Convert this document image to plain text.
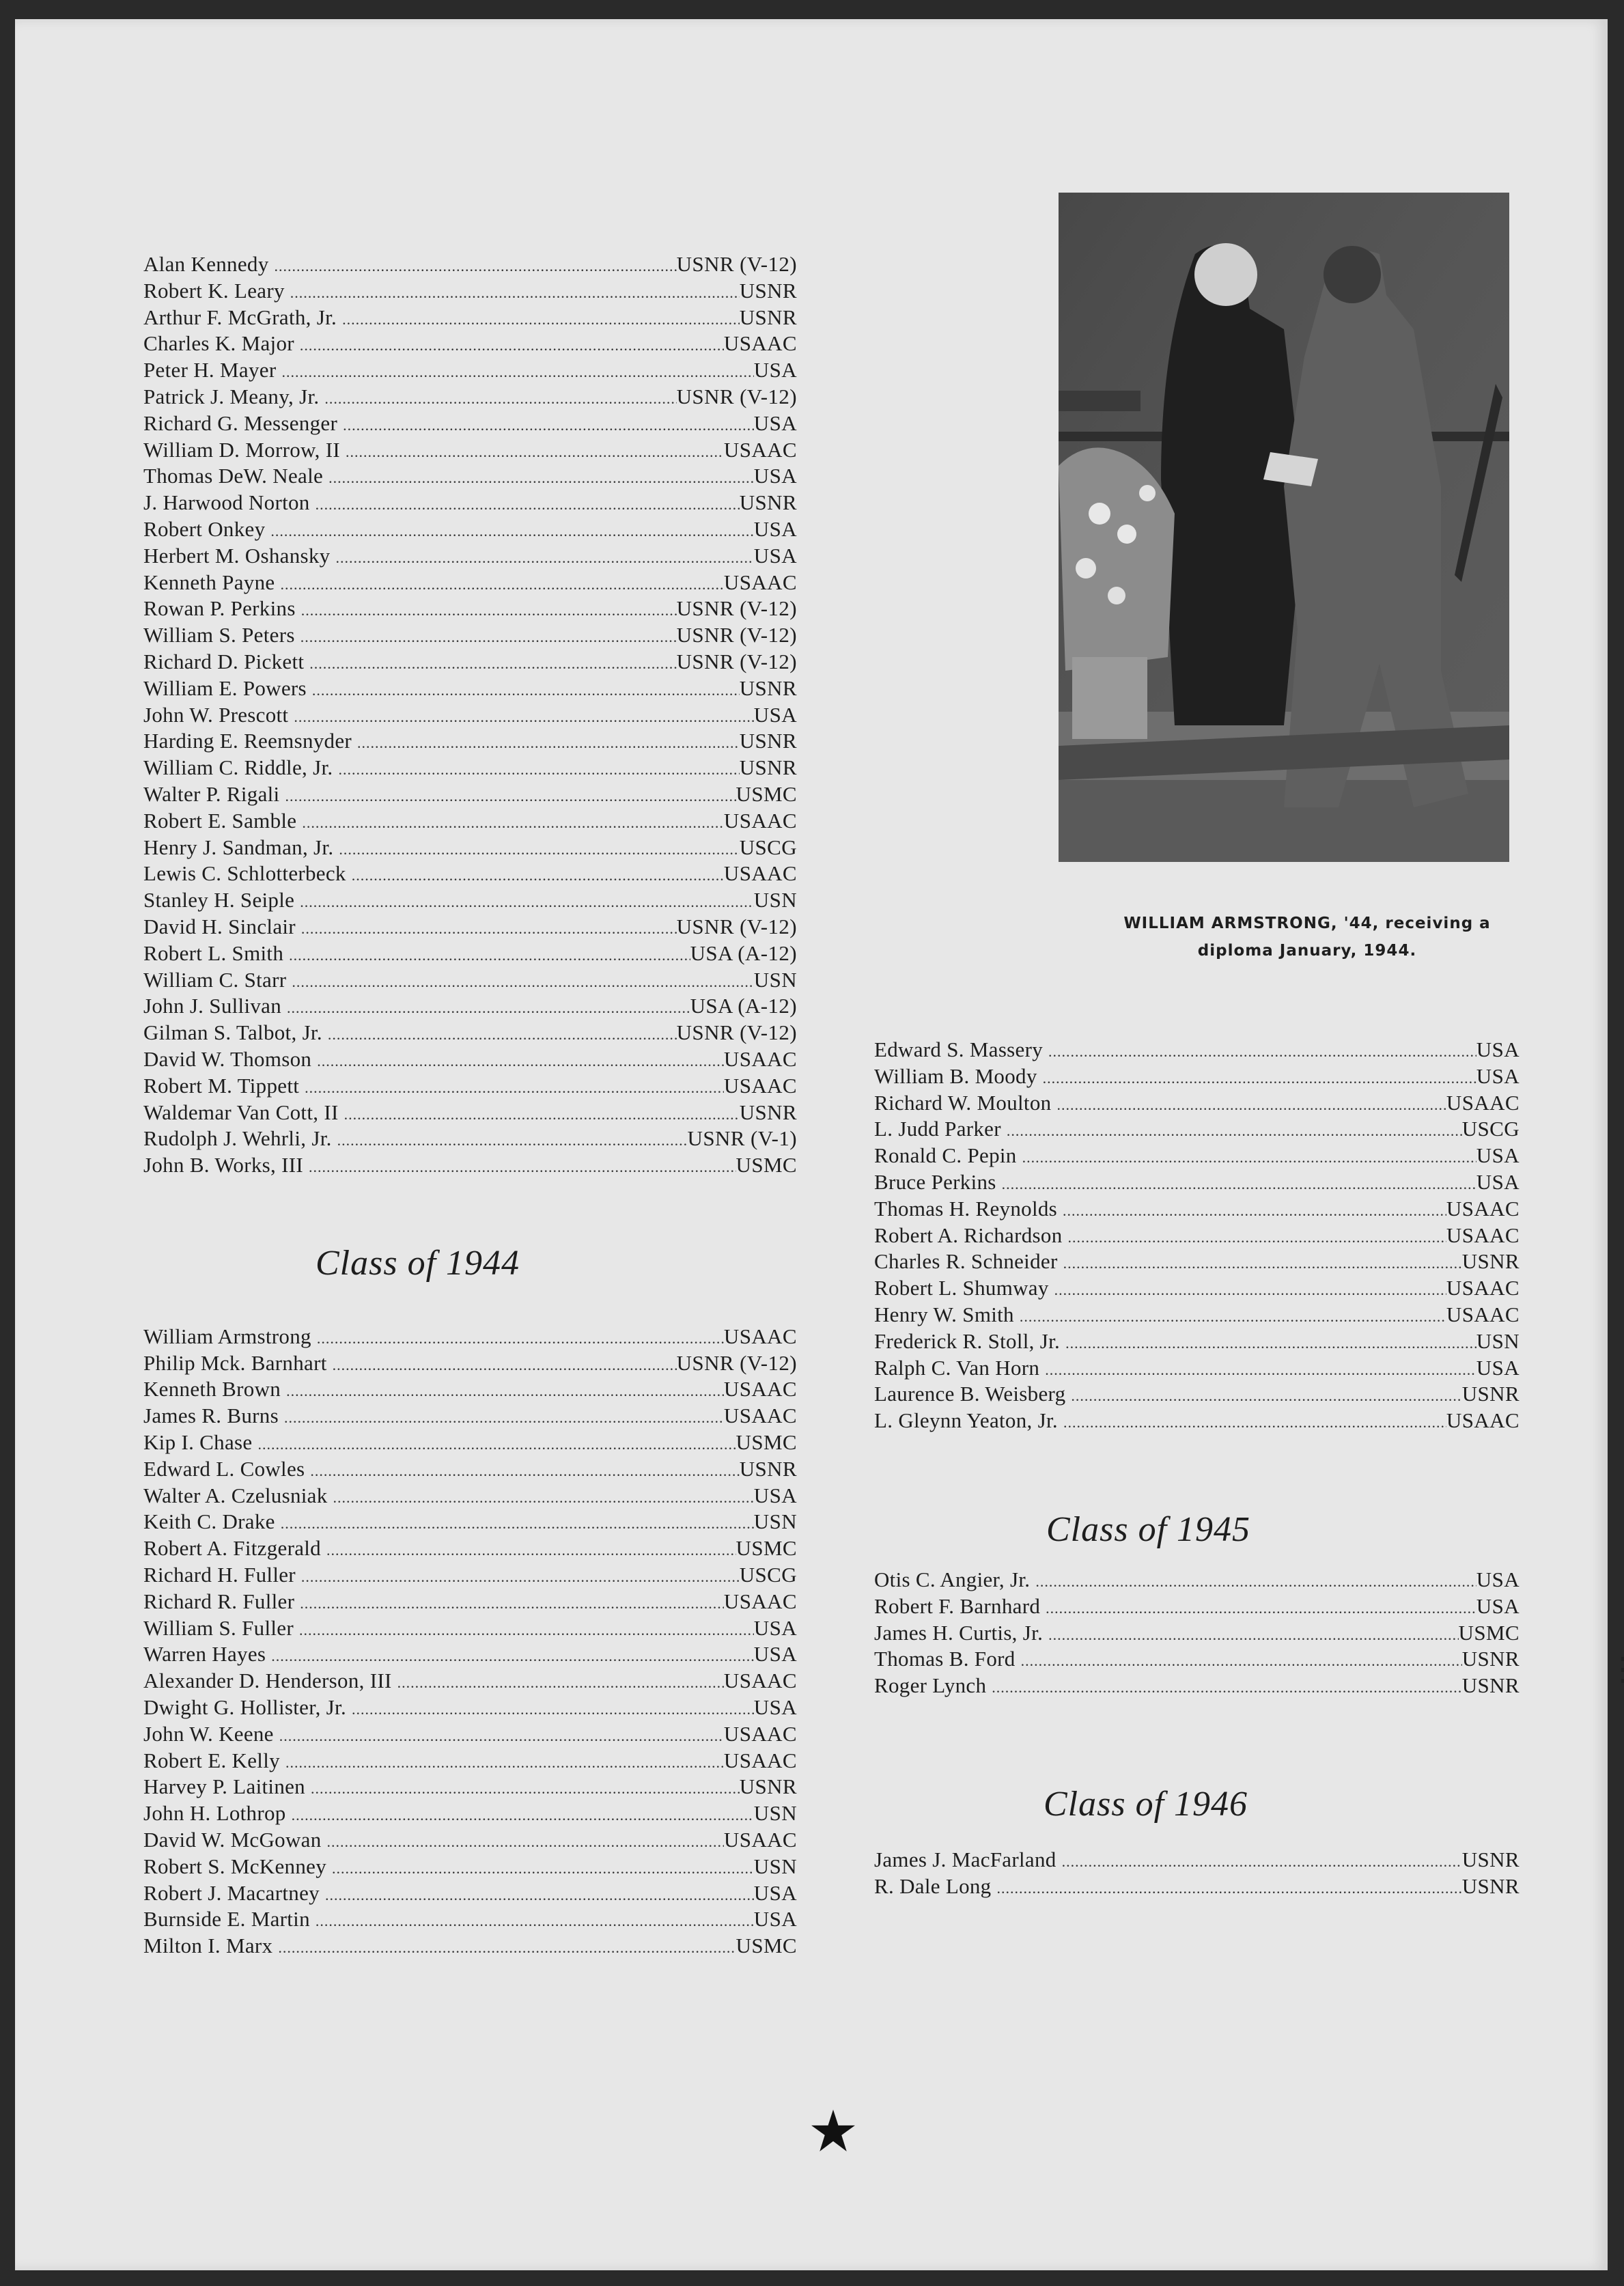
Alan Kennedy .....	USNR (V-12)
Robert K. Leary .....	USNR
Arthur F. McGrath, Jr. .....	USNR
Charles K. Major .....	USAAC
Peter H. Mayer .....	USA
Patrick J. Meany, Jr. .....	USNR (V-12)
Richard G. Messenger .....	USA
William D. Morrow, II .....	USAAC
Thomas DeW. Neale .....	USA
J. Harwood Norton .....	USNR
Robert Onkey .....	USA
Herbert M. Oshansky .....	USA
Kenneth Payne .....	USAAC
Rowan P. Perkins .....	USNR (V-12)
William S. Peters .....	USNR (V-12)
Richard D. Pickett .....	USNR (V-12)
William E. Powers .....	USNR
John W. Prescott .....	USA
Harding E. Reemsnyder .....	USNR
William C. Riddle, Jr. .....	USNR
Walter P. Rigali .....	USMC
Robert E. Samble .....	USAAC
Henry J. Sandman, Jr. .....	USCG
Lewis C. Schlotterbeck .....	USAAC
Stanley H. Seiple .....	USN
David H. Sinclair .....	USNR (V-12)
Robert L. Smith .....	USA (A-12)
William C. Starr .....	USN
John J. Sullivan .....	USA (A-12)
Gilman S. Talbot, Jr. .....	USNR (V-12)
David W. Thomson .....	USAAC
Robert M. Tippett .....	USAAC
Waldemar Van Cott, II .....	USNR
Rudolph J. Wehrli, Jr. .....	USNR (V-1)
John B. Works, III .....	USMC
Class of 1944
William Armstrong .....	USAAC
Philip Mck. Barnhart .....	USNR (V-12)
Kenneth Brown .....	USAAC
James R. Burns .....	USAAC
Kip I. Chase .....	USMC
Edward L. Cowles .....	USNR
Walter A. Czelusniak .....	USA
Keith C. Drake .....	USN
Robert A. Fitzgerald .....	USMC
Richard H. Fuller .....	USCG
Richard R. Fuller .....	USAAC
William S. Fuller .....	USA
Warren Hayes .....	USA
Alexander D. Henderson, III .....	USAAC
Dwight G. Hollister, Jr. .....	USA
John W. Keene .....	USAAC
Robert E. Kelly .....	USAAC
Harvey P. Laitinen .....	USNR
John H. Lothrop .....	USN
David W. McGowan .....	USAAC
Robert S. McKenney .....	USN
Robert J. Macartney .....	USA
Burnside E. Martin .....	USA
Milton I. Marx .....	USMC
WILLIAM ARMSTRONG, '44, receiving a
diploma January, 1944.
Edward S. Massery .....	USA
William B. Moody .....	USA
Richard W. Moulton .....	USAAC
L. Judd Parker .....	USCG
Ronald C. Pepin .....	USA
Bruce Perkins .....	USA
Thomas H. Reynolds .....	USAAC
Robert A. Richardson .....	USAAC
Charles R. Schneider .....	USNR
Robert L. Shumway .....	USAAC
Henry W. Smith .....	USAAC
Frederick R. Stoll, Jr. .....	USN
Ralph C. Van Horn .....	USA
Laurence B. Weisberg .....	USNR
L. Gleynn Yeaton, Jr. .....	USAAC
Class of 1945
Otis C. Angier, Jr. .....	USA
Robert F. Barnhard .....	USA
James H. Curtis, Jr. .....	USMC
Thomas B. Ford .....	USNR
Roger Lynch .....	USNR
Class of 1946
James J. MacFarland .....	USNR
R. Dale Long .....	USNR
